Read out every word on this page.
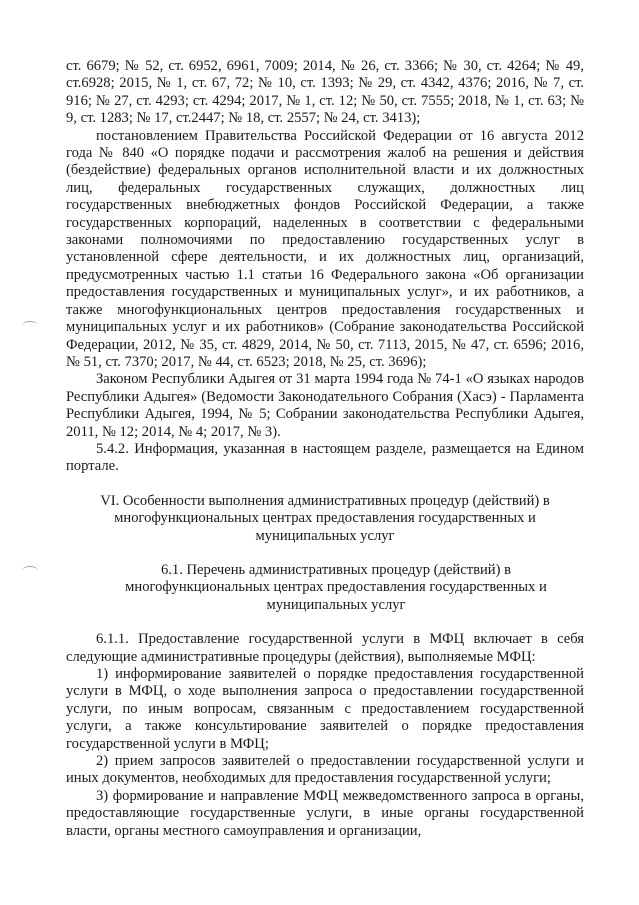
ст. 6679; № 52, ст. 6952, 6961, 7009; 2014, № 26, ст. 3366; № 30, ст. 4264; № 49, ст.6928; 2015, № 1, ст. 67, 72; № 10, ст. 1393; № 29, ст. 4342, 4376; 2016, № 7, ст. 916; № 27, ст. 4293; ст. 4294; 2017, № 1, ст. 12; № 50, ст. 7555; 2018, № 1, ст. 63; № 9, ст. 1283; № 17, ст.2447; № 18, ст. 2557; № 24, ст. 3413);

постановлением Правительства Российской Федерации от 16 августа 2012 года № 840 «О порядке подачи и рассмотрения жалоб на решения и действия (бездействие) федеральных органов исполнительной власти и их должностных лиц, федеральных государственных служащих, должностных лиц государственных внебюджетных фондов Российской Федерации, а также государственных корпораций, наделенных в соответствии с федеральными законами полномочиями по предоставлению государственных услуг в установленной сфере деятельности, и их должностных лиц, организаций, предусмотренных частью 1.1 статьи 16 Федерального закона «Об организации предоставления государственных и муниципальных услуг», и их работников, а также многофункциональных центров предоставления государственных и муниципальных услуг и их работников» (Собрание законодательства Российской Федерации, 2012, № 35, ст. 4829, 2014, № 50, ст. 7113, 2015, № 47, ст. 6596; 2016, № 51, ст. 7370; 2017, № 44, ст. 6523; 2018, № 25, ст. 3696);

Законом Республики Адыгея от 31 марта 1994 года № 74-1 «О языках народов Республики Адыгея» (Ведомости Законодательного Собрания (Хасэ) - Парламента Республики Адыгея, 1994, № 5; Собрании законодательства Республики Адыгея, 2011, № 12; 2014, № 4; 2017, № 3).

5.4.2. Информация, указанная в настоящем разделе, размещается на Едином портале.

VI. Особенности выполнения административных процедур (действий) в многофункциональных центрах предоставления государственных и муниципальных услуг

6.1. Перечень административных процедур (действий) в многофункциональных центрах предоставления государственных и муниципальных услуг

6.1.1. Предоставление государственной услуги в МФЦ включает в себя следующие административные процедуры (действия), выполняемые МФЦ:

1) информирование заявителей о порядке предоставления государственной услуги в МФЦ, о ходе выполнения запроса о предоставлении государственной услуги, по иным вопросам, связанным с предоставлением государственной услуги, а также консультирование заявителей о порядке предоставления государственной услуги в МФЦ;

2) прием запросов заявителей о предоставлении государственной услуги и иных документов, необходимых для предоставления государственной услуги;

3) формирование и направление МФЦ межведомственного запроса в органы, предоставляющие государственные услуги, в иные органы государственной власти, органы местного самоуправления и организации,
